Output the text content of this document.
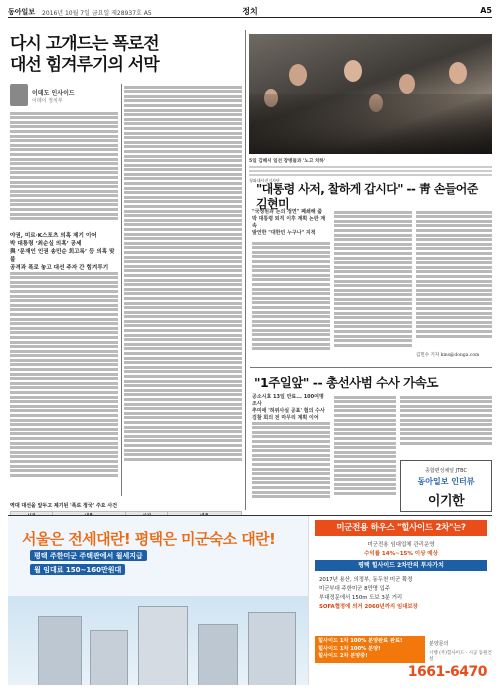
동아일보 2016년 10월 7일 금요일 제28937호 A5	정치	A5
다시 고개드는 폭로전
대선 힘겨루기의 서막
이데도 인사이드
이데이 정치부
야권, 미르·K스포츠 의혹 제기 이어
박 대통령 ‘최순실 의혹’ 공세
與 ‘문재인 인권 송민순 회고록’ 등 의혹 맞불
공격과 폭로 놓고 대선 주자 간 힘겨루기
역대 대선을 앞두고 제기된 '폭로 정국' 주요 사건

5일 김해서 일선 장병들과 '노고 치하'
청와대사진기자단
"대통령 사저, 찰하게 갑시다" -- 靑 손들어준 김현미
"국정원과 논의 정연" 폐쇄해 줍
박 대통령 퇴직 이후 계획 논란 계속
발언한 "대한민 누구나" 지적
김민수 기자 kms@donga.com
"1주일앞" -- 총선사범 수사 가속도
공소시효 13일 만료... 100여명 조사
추미애 '허위사실 공표' 혐의 수사
검찰 회의 전 마무리 계획 이어
종합편성채널 JTBC
동아일보 인터뷰
이기한
서울은 전세대란! 평택은 미군숙소 대란!
평택 주한미군 주택관에서 월세지급
월 임대료 150~160만원대
미군전용 하우스 "힐사이드 2차"는?
미군전용 임대업체 관리운영
수익률 14%~15% 이상 예상
평택 힐사이드 2차만의 투자가치
2017년 용산, 의정부, 동두천 미군 확정
미군부대 주한미군 8만명 입주
부대정문에서 150m 도보 3분 거리
SOFA협정에 의거 2060년까지 임대보장
힐사이드 1차 100% 분양완료 완료!
힐사이드 1차 100% 분양!
힐사이드 2차 분양중!
분양문의
시행 (주)힐사이드 · 시공 동원건설
1661-6470
